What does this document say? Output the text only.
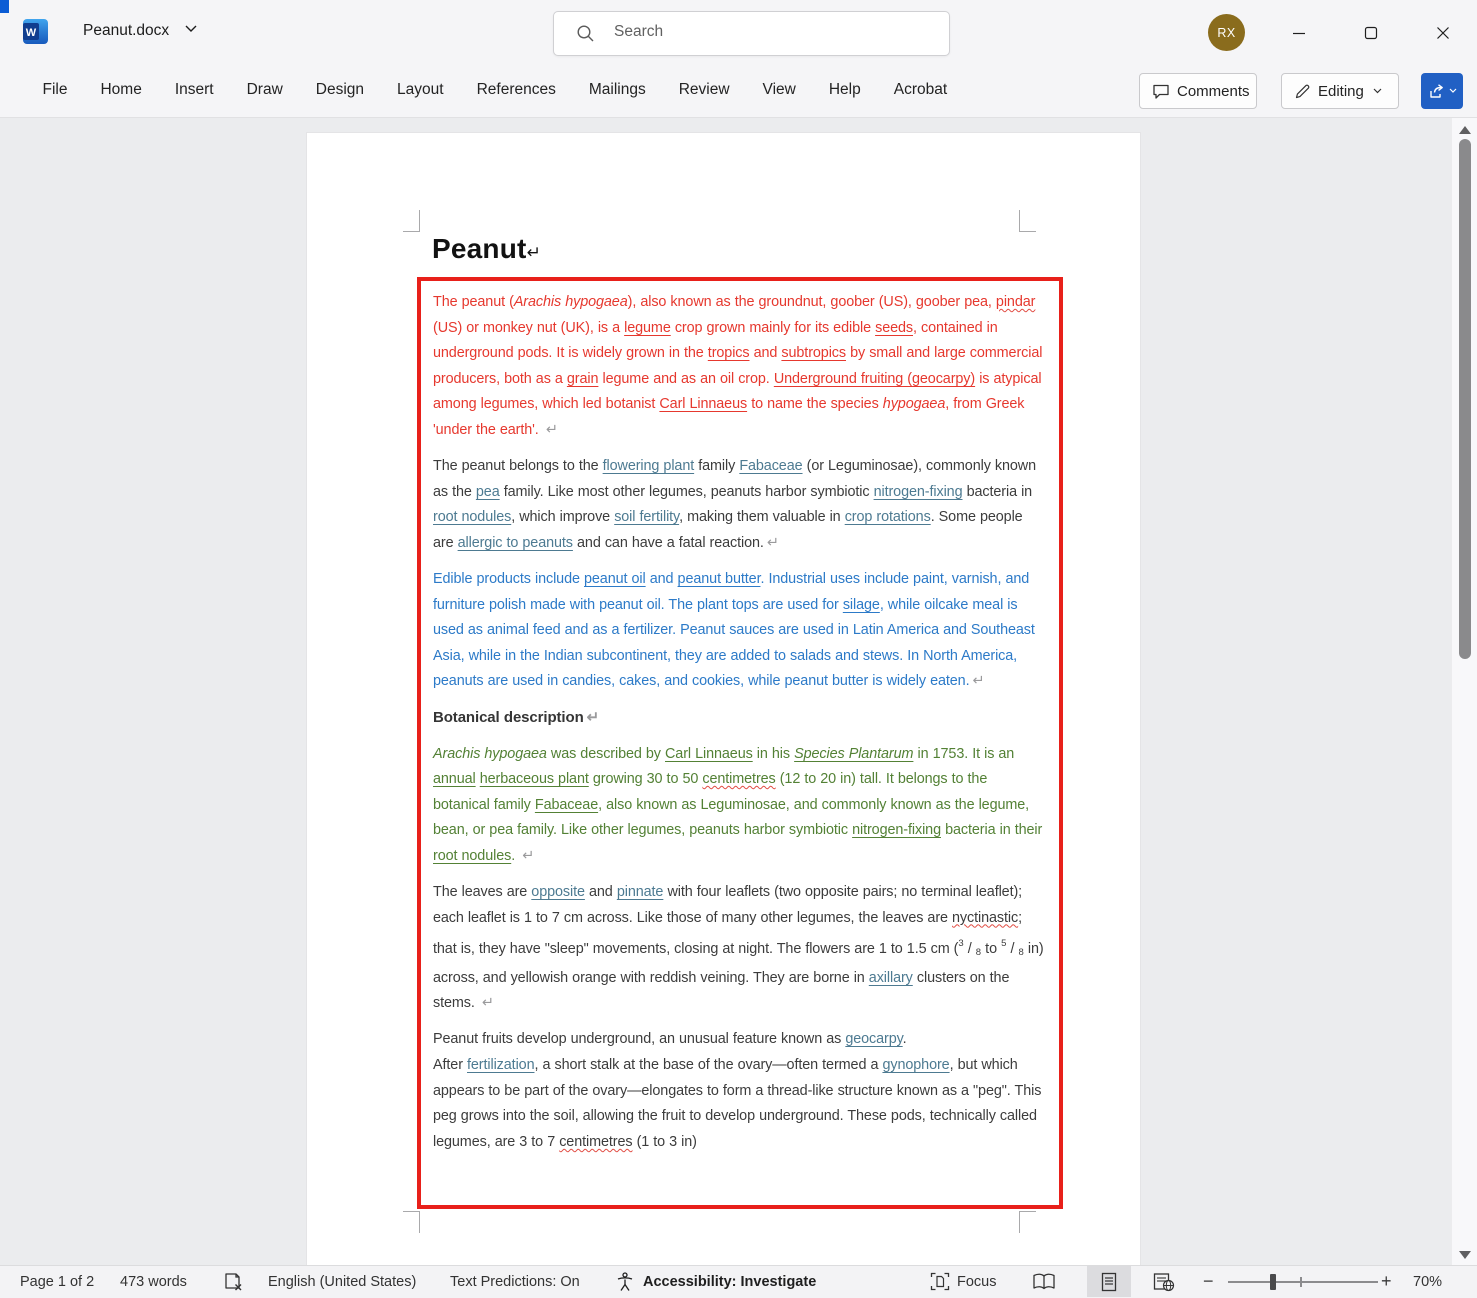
W	Peanut.docx	Search	RX
File	Home	Insert	Draw	Design	Layout	References	Mailings	Review	View	Help	Acrobat	Comments	Editing
Peanut↵
The peanut (Arachis hypogaea), also known as the groundnut, goober (US), goober pea, pindar (US) or monkey nut (UK), is a legume crop grown mainly for its edible seeds, contained in underground pods. It is widely grown in the tropics and subtropics by small and large commercial producers, both as a grain legume and as an oil crop. Underground fruiting (geocarpy) is atypical among legumes, which led botanist Carl Linnaeus to name the species hypogaea, from Greek 'under the earth'. ↵
The peanut belongs to the flowering plant family Fabaceae (or Leguminosae), commonly known as the pea family. Like most other legumes, peanuts harbor symbiotic nitrogen-fixing bacteria in root nodules, which improve soil fertility, making them valuable in crop rotations. Some people are allergic to peanuts and can have a fatal reaction. ↵
Edible products include peanut oil and peanut butter. Industrial uses include paint, varnish, and furniture polish made with peanut oil. The plant tops are used for silage, while oilcake meal is used as animal feed and as a fertilizer. Peanut sauces are used in Latin America and Southeast Asia, while in the Indian subcontinent, they are added to salads and stews. In North America, peanuts are used in candies, cakes, and cookies, while peanut butter is widely eaten. ↵
Botanical description ↵
Arachis hypogaea was described by Carl Linnaeus in his Species Plantarum in 1753. It is an annual herbaceous plant growing 30 to 50 centimetres (12 to 20 in) tall. It belongs to the botanical family Fabaceae, also known as Leguminosae, and commonly known as the legume, bean, or pea family. Like other legumes, peanuts harbor symbiotic nitrogen-fixing bacteria in their root nodules. ↵
The leaves are opposite and pinnate with four leaflets (two opposite pairs; no terminal leaflet); each leaflet is 1 to 7 cm across. Like those of many other legumes, the leaves are nyctinastic; that is, they have "sleep" movements, closing at night. The flowers are 1 to 1.5 cm ($^3$ / $_8$ to $^5$ / $_8$ in) across, and yellowish orange with reddish veining. They are borne in axillary clusters on the stems. ↵
Peanut fruits develop underground, an unusual feature known as geocarpy.
After fertilization, a short stalk at the base of the ovary—often termed a gynophore, but which appears to be part of the ovary—elongates to form a thread-like structure known as a "peg". This peg grows into the soil, allowing the fruit to develop underground. These pods, technically called legumes, are 3 to 7 centimetres (1 to 3 in)
Page 1 of 2 473 words	English (United States) Text Predictions: On	Accessibility: Investigate	Focus	−	+ 70%
